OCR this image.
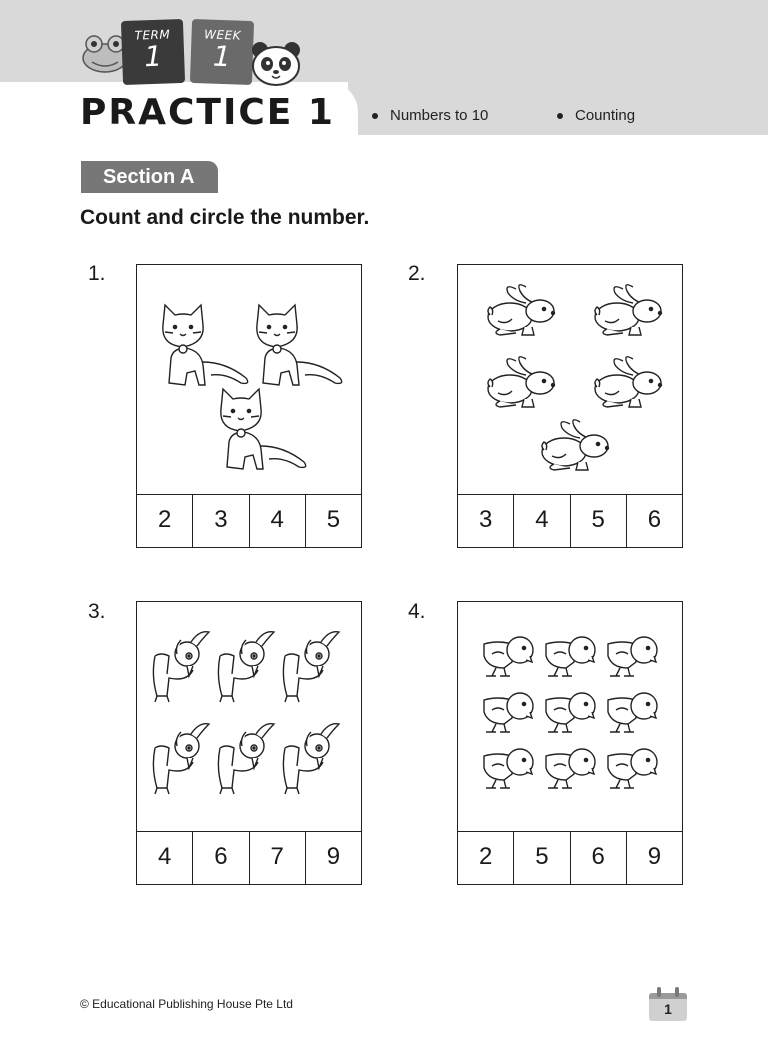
TERM
1
WEEK
1
PRACTICE 1	Numbers to 10	Counting
Section A

Count and circle the number.

1.
2	3	4	5
2.
3	4	5	6
3.
4	6	7	9
4.
2	5	6	9
© Educational Publishing House Pte Ltd	1
